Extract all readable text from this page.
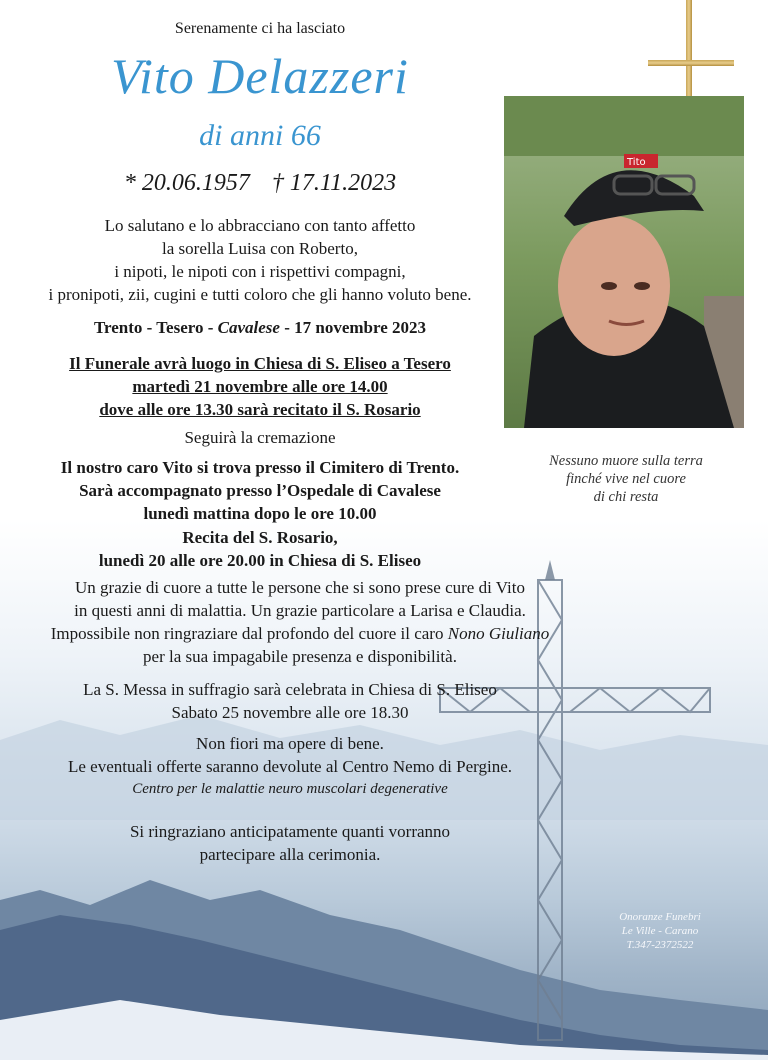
Serenamente ci ha lasciato
Vito Delazzeri
di anni 66
* 20.06.1957 † 17.11.2023
Lo salutano e lo abbracciano con tanto affetto
la sorella Luisa con Roberto,
i nipoti, le nipoti con i rispettivi compagni,
i pronipoti, zii, cugini e tutti coloro che gli hanno voluto bene.
Trento - Tesero - Cavalese - 17 novembre 2023
Il Funerale avrà luogo in Chiesa di S. Eliseo a Tesero
martedì 21 novembre alle ore 14.00
dove alle ore 13.30 sarà recitato il S. Rosario
Seguirà la cremazione
Il nostro caro Vito si trova presso il Cimitero di Trento.
Sarà accompagnato presso l’Ospedale di Cavalese
lunedì mattina dopo le ore 10.00
Recita del S. Rosario,
lunedì 20 alle ore 20.00 in Chiesa di S. Eliseo
Un grazie di cuore a tutte le persone che si sono prese cure di Vito
in questi anni di malattia. Un grazie particolare a Larisa e Claudia.
Impossibile non ringraziare dal profondo del cuore il caro Nono Giuliano
per la sua impagabile presenza e disponibilità.
La S. Messa in suffragio sarà celebrata in Chiesa di S. Eliseo
Sabato 25 novembre alle ore 18.30
Non fiori ma opere di bene.
Le eventuali offerte saranno devolute al Centro Nemo di Pergine.
Centro per le malattie neuro muscolari degenerative
Si ringraziano anticipatamente quanti vorranno
partecipare alla cerimonia.
Tito
Nessuno muore sulla terra
finché vive nel cuore
di chi resta
Onoranze Funebri
Le Ville - Carano
T.347-2372522
